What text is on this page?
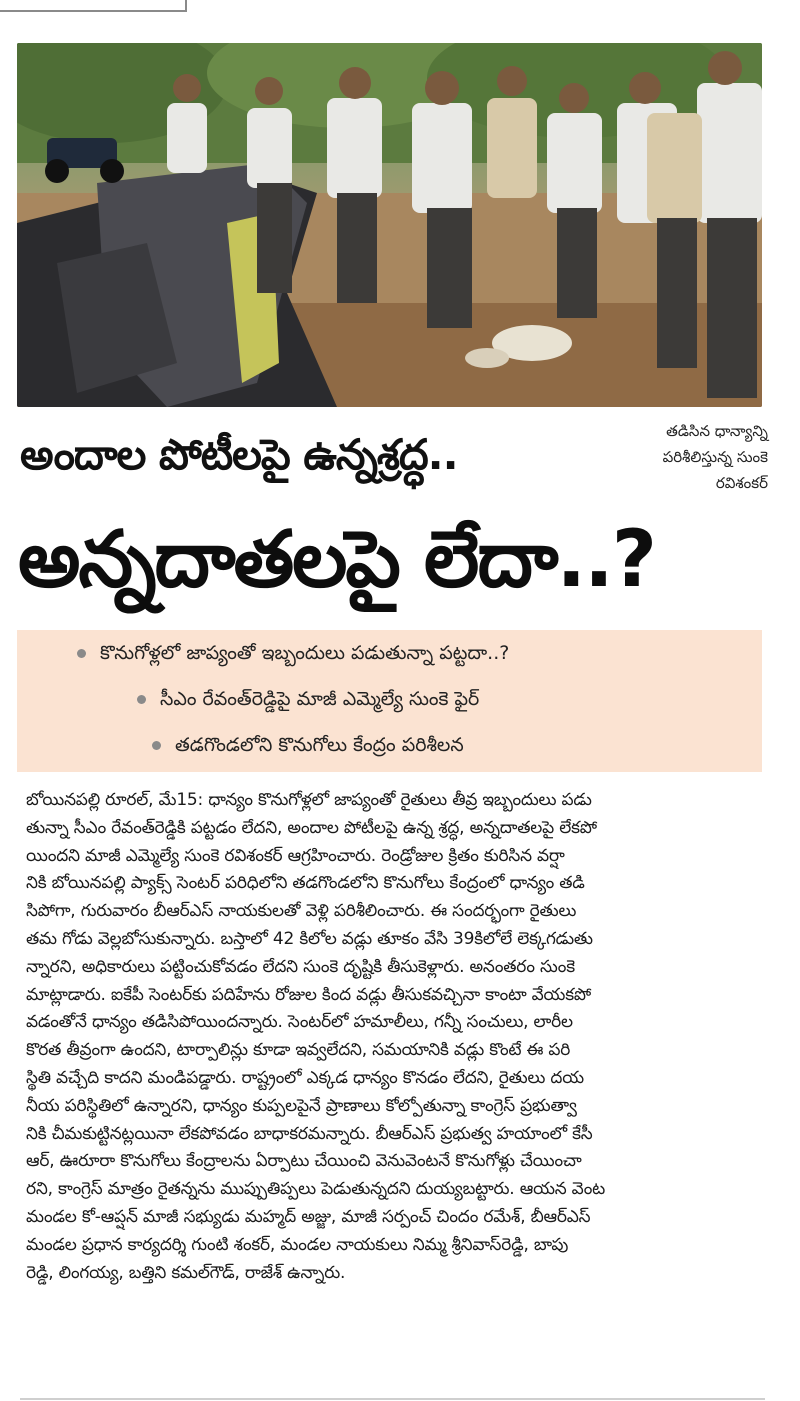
తడిసిన ధాన్యాన్ని
పరిశీలిస్తున్న సుంకె
రవిశంకర్
అందాల పోటీలపై ఉన్నశ్రద్ధ..
అన్నదాతలపై లేదా..?
కొనుగోళ్లలో జాప్యంతో ఇబ్బందులు పడుతున్నా పట్టదా..?
సీఎం రేవంత్‌రెడ్డిపై మాజీ ఎమ్మెల్యే సుంకె ఫైర్
తడగొండలోని కొనుగోలు కేంద్రం పరిశీలన
బోయినపల్లి రూరల్, మే15: ధాన్యం కొనుగోళ్లలో జాప్యంతో రైతులు తీవ్ర ఇబ్బందులు పడు
తున్నా సీఎం రేవంత్‌రెడ్డికి పట్టడం లేదని, అందాల పోటీలపై ఉన్న శ్రద్ధ, అన్నదాతలపై లేకపో
యిందని మాజీ ఎమ్మెల్యే సుంకె రవిశంకర్ ఆగ్రహించారు. రెండ్రోజుల క్రితం కురిసిన వర్షా
నికి బోయినపల్లి ప్యాక్స్ సెంటర్ పరిధిలోని తడగొండలోని కొనుగోలు కేంద్రంలో ధాన్యం తడి
సిపోగా, గురువారం బీఆర్ఎస్ నాయకులతో వెళ్లి పరిశీలించారు. ఈ సందర్భంగా రైతులు
తమ గోడు వెల్లబోసుకున్నారు. బస్తాలో 42 కిలోల వడ్లు తూకం వేసి 39కిలోలే లెక్కగడుతు
న్నారని, అధికారులు పట్టించుకోవడం లేదని సుంకె దృష్టికి తీసుకెళ్లారు. అనంతరం సుంకె
మాట్లాడారు. ఐకేపీ సెంటర్‌కు పదిహేను రోజుల కింద వడ్లు తీసుకవచ్చినా కాంటా వేయకపో
వడంతోనే ధాన్యం తడిసిపోయిందన్నారు. సెంటర్‌లో హమాలీలు, గన్నీ సంచులు, లారీల
కొరత తీవ్రంగా ఉందని, టార్పాలిన్లు కూడా ఇవ్వలేదని, సమయానికి వడ్లు కొంటే ఈ పరి
స్థితి వచ్చేది కాదని మండిపడ్డారు. రాష్ట్రంలో ఎక్కడ ధాన్యం కొనడం లేదని, రైతులు దయ
నీయ పరిస్థితిలో ఉన్నారని, ధాన్యం కుప్పలపైనే ప్రాణాలు కోల్పోతున్నా కాంగ్రెస్ ప్రభుత్వా
నికి చీమకుట్టినట్లయినా లేకపోవడం బాధాకరమన్నారు. బీఆర్ఎస్ ప్రభుత్వ హయాంలో కేసీ
ఆర్, ఊరూరా కొనుగోలు కేంద్రాలను ఏర్పాటు చేయించి వెనువెంటనే కొనుగోళ్లు చేయించా
రని, కాంగ్రెస్ మాత్రం రైతన్నను ముప్పుతిప్పలు పెడుతున్నదని దుయ్యబట్టారు. ఆయన వెంట
మండల కో-ఆప్షన్ మాజీ సభ్యుడు మహ్మద్ అజ్జు, మాజీ సర్పంచ్ చిందం రమేశ్, బీఆర్ఎస్
మండల ప్రధాన కార్యదర్శి గుంటి శంకర్, మండల నాయకులు నిమ్మ శ్రీనివాస్‌రెడ్డి, బాపు
రెడ్డి, లింగయ్య, బత్తిని కమల్‌గౌడ్, రాజేశ్ ఉన్నారు.
